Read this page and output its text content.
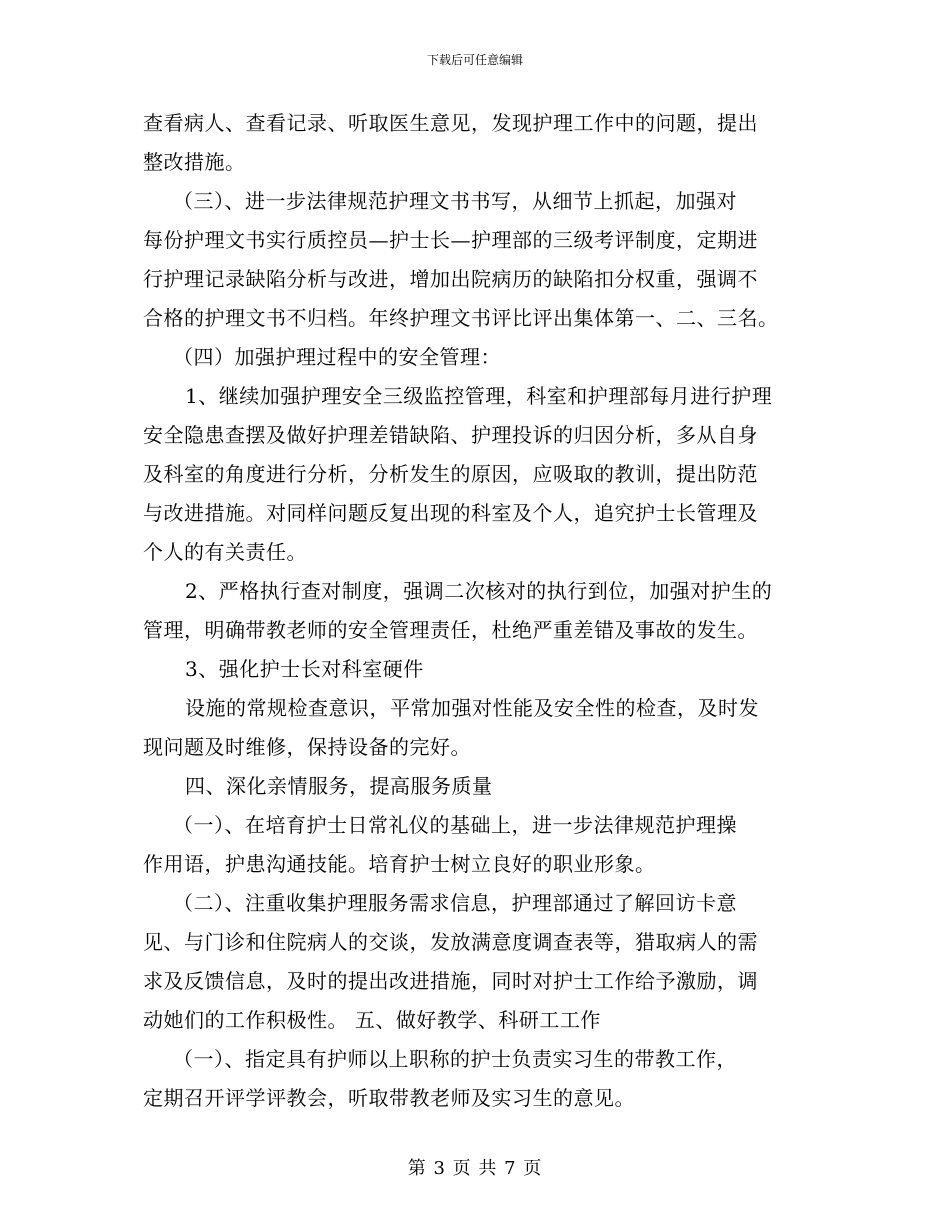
下载后可任意编辑
查看病人、查看记录、听取医生意见，发现护理工作中的问题，提出
整改措施。
（三）、进一步法律规范护理文书书写，从细节上抓起，加强对
每份护理文书实行质控员—护士长—护理部的三级考评制度，定期进
行护理记录缺陷分析与改进，增加出院病历的缺陷扣分权重，强调不
合格的护理文书不归档。年终护理文书评比评出集体第一、二、三名。
（四）加强护理过程中的安全管理：
1、继续加强护理安全三级监控管理，科室和护理部每月进行护理
安全隐患查摆及做好护理差错缺陷、护理投诉的归因分析，多从自身
及科室的角度进行分析，分析发生的原因，应吸取的教训，提出防范
与改进措施。对同样问题反复出现的科室及个人，追究护士长管理及
个人的有关责任。
2、严格执行查对制度，强调二次核对的执行到位，加强对护生的
管理，明确带教老师的安全管理责任，杜绝严重差错及事故的发生。
3、强化护士长对科室硬件
设施的常规检查意识，平常加强对性能及安全性的检查，及时发
现问题及时维修，保持设备的完好。
四、深化亲情服务，提高服务质量
（一）、在培育护士日常礼仪的基础上，进一步法律规范护理操
作用语，护患沟通技能。培育护士树立良好的职业形象。
（二）、注重收集护理服务需求信息，护理部通过了解回访卡意
见、与门诊和住院病人的交谈，发放满意度调查表等，猎取病人的需
求及反馈信息，及时的提出改进措施，同时对护士工作给予激励，调
动她们的工作积极性。 五、做好教学、科研工工作
（一）、指定具有护师以上职称的护士负责实习生的带教工作，
定期召开评学评教会，听取带教老师及实习生的意见。
第 3 页 共 7 页
